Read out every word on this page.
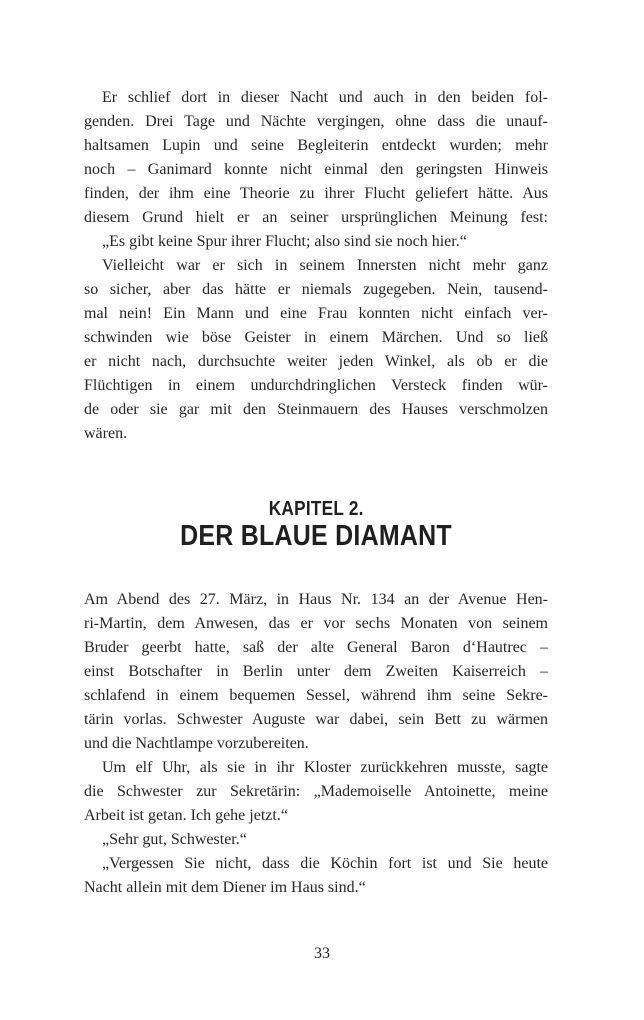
Er schlief dort in dieser Nacht und auch in den beiden fol-
genden. Drei Tage und Nächte vergingen, ohne dass die unauf-
haltsamen Lupin und seine Begleiterin entdeckt wurden; mehr
noch – Ganimard konnte nicht einmal den geringsten Hinweis
finden, der ihm eine Theorie zu ihrer Flucht geliefert hätte. Aus
diesem Grund hielt er an seiner ursprünglichen Meinung fest:
„Es gibt keine Spur ihrer Flucht; also sind sie noch hier.“
Vielleicht war er sich in seinem Innersten nicht mehr ganz
so sicher, aber das hätte er niemals zugegeben. Nein, tausend-
mal nein! Ein Mann und eine Frau konnten nicht einfach ver-
schwinden wie böse Geister in einem Märchen. Und so ließ
er nicht nach, durchsuchte weiter jeden Winkel, als ob er die
Flüchtigen in einem undurchdringlichen Versteck finden wür-
de oder sie gar mit den Steinmauern des Hauses verschmolzen
wären.
KAPITEL 2.
DER BLAUE DIAMANT
Am Abend des 27. März, in Haus Nr. 134 an der Avenue Hen-
ri-Martin, dem Anwesen, das er vor sechs Monaten von seinem
Bruder geerbt hatte, saß der alte General Baron d‘Hautrec –
einst Botschafter in Berlin unter dem Zweiten Kaiserreich –
schlafend in einem bequemen Sessel, während ihm seine Sekre-
tärin vorlas. Schwester Auguste war dabei, sein Bett zu wärmen
und die Nachtlampe vorzubereiten.
Um elf Uhr, als sie in ihr Kloster zurückkehren musste, sagte
die Schwester zur Sekretärin: „Mademoiselle Antoinette, meine
Arbeit ist getan. Ich gehe jetzt.“
„Sehr gut, Schwester.“
„Vergessen Sie nicht, dass die Köchin fort ist und Sie heute
Nacht allein mit dem Diener im Haus sind.“
33
